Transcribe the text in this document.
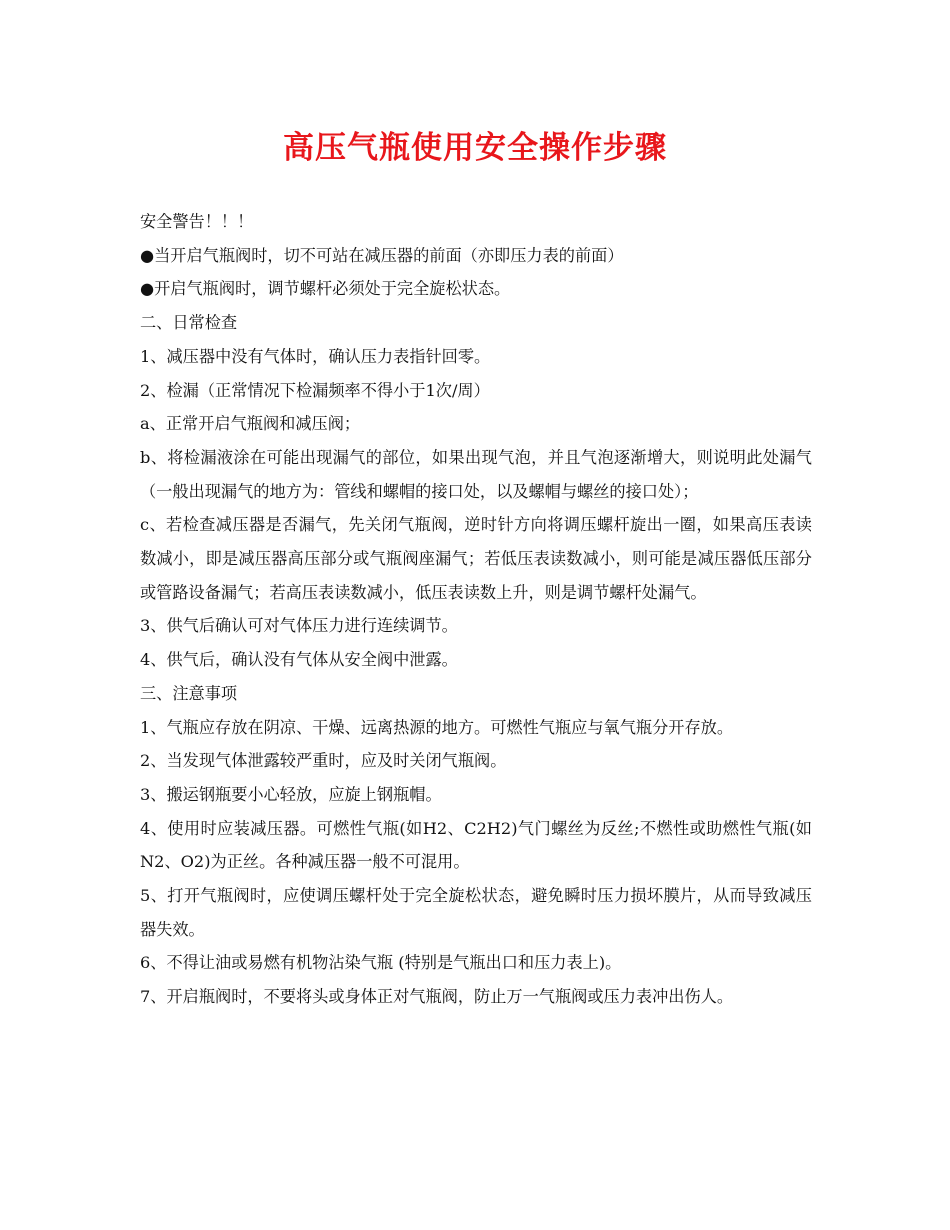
高压气瓶使用安全操作步骤

安全警告！！！

●当开启气瓶阀时，切不可站在减压器的前面（亦即压力表的前面）

●开启气瓶阀时，调节螺杆必须处于完全旋松状态。

二、日常检查

1、减压器中没有气体时，确认压力表指针回零。

2、检漏（正常情况下检漏频率不得小于1次/周）

a、正常开启气瓶阀和减压阀；

b、将检漏液涂在可能出现漏气的部位，如果出现气泡，并且气泡逐渐增大，则说明此处漏气（一般出现漏气的地方为：管线和螺帽的接口处，以及螺帽与螺丝的接口处）；

c、若检查减压器是否漏气，先关闭气瓶阀，逆时针方向将调压螺杆旋出一圈，如果高压表读数减小，即是减压器高压部分或气瓶阀座漏气；若低压表读数减小，则可能是减压器低压部分或管路设备漏气；若高压表读数减小，低压表读数上升，则是调节螺杆处漏气。

3、供气后确认可对气体压力进行连续调节。

4、供气后，确认没有气体从安全阀中泄露。

三、注意事项

1、气瓶应存放在阴凉、干燥、远离热源的地方。可燃性气瓶应与氧气瓶分开存放。

2、当发现气体泄露较严重时，应及时关闭气瓶阀。

3、搬运钢瓶要小心轻放，应旋上钢瓶帽。

4、使用时应装减压器。可燃性气瓶(如H2、C2H2)气门螺丝为反丝;不燃性或助燃性气瓶(如N2、O2)为正丝。各种减压器一般不可混用。

5、打开气瓶阀时，应使调压螺杆处于完全旋松状态，避免瞬时压力损坏膜片，从而导致减压器失效。

6、不得让油或易燃有机物沾染气瓶 (特别是气瓶出口和压力表上)。

7、开启瓶阀时，不要将头或身体正对气瓶阀，防止万一气瓶阀或压力表冲出伤人。
